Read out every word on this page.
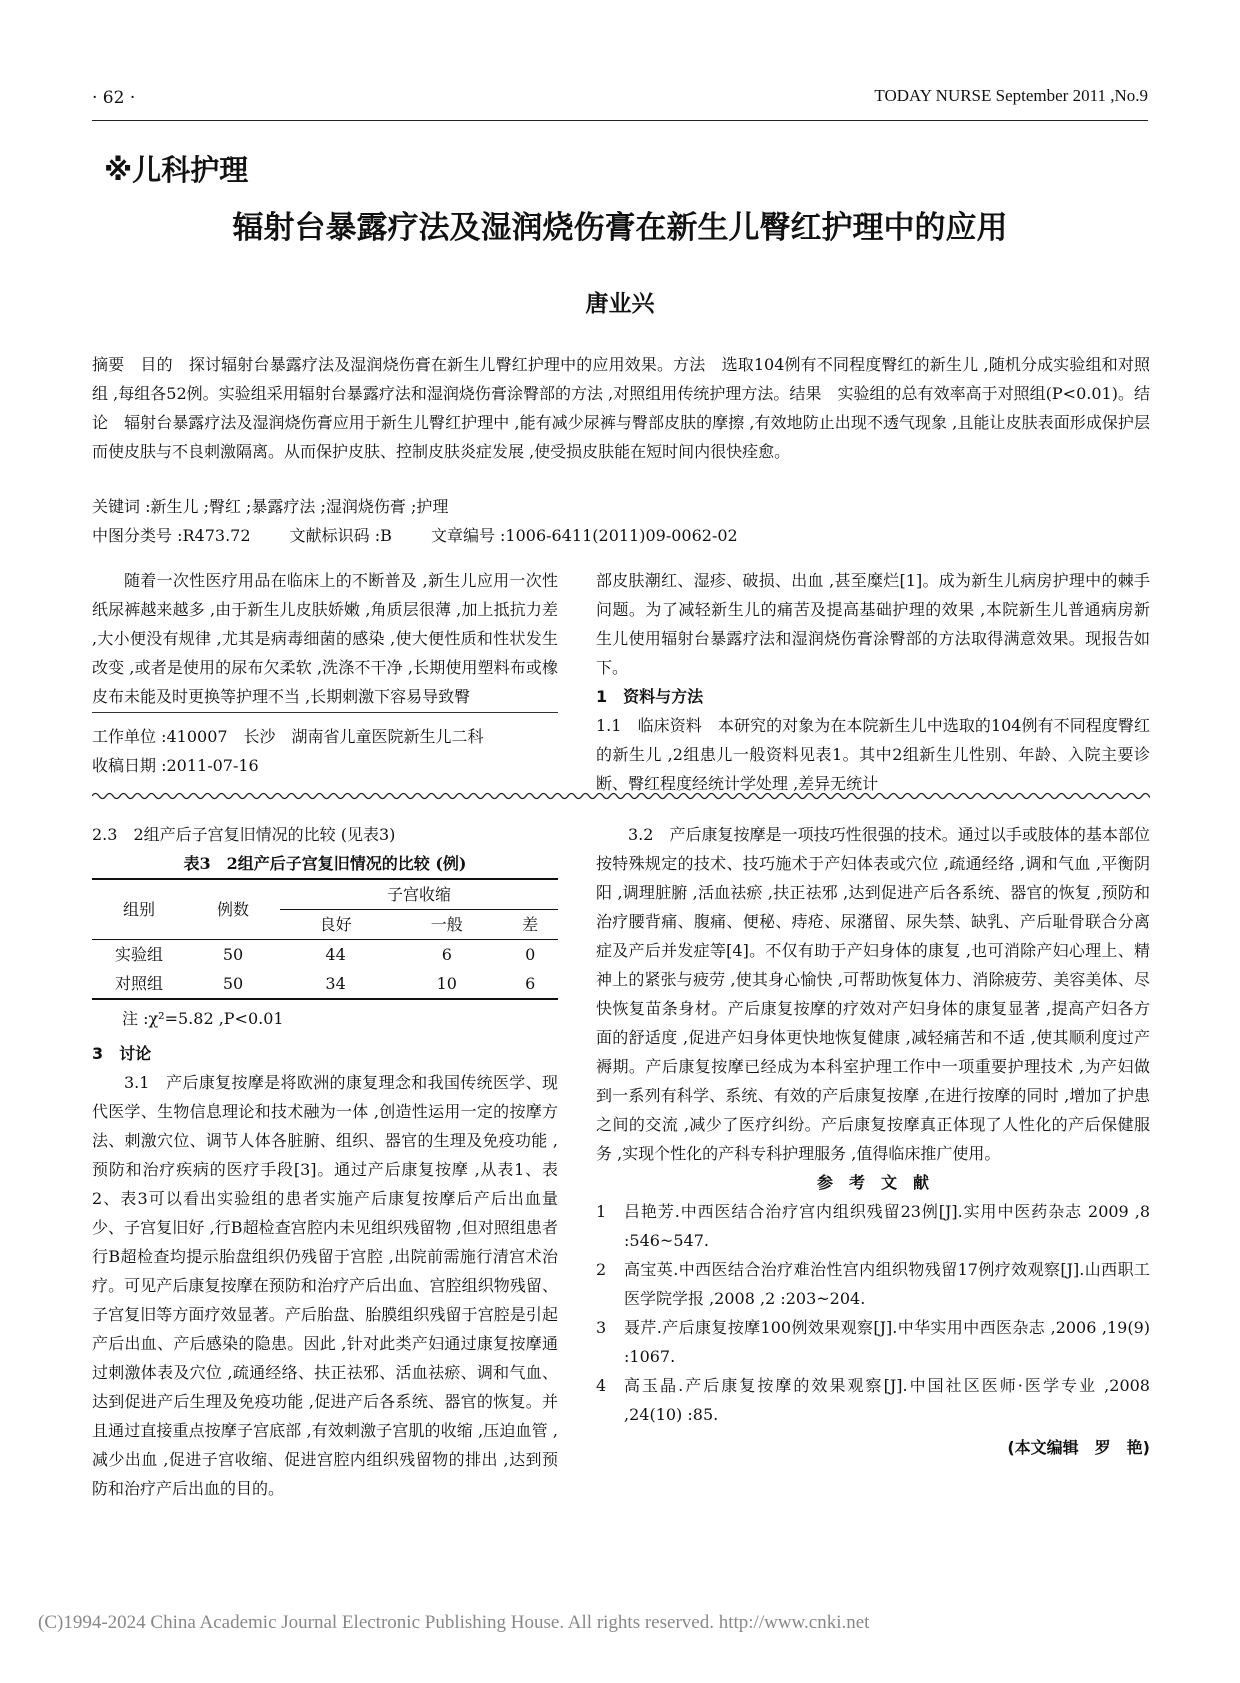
· 62 ·	TODAY NURSE September 2011 ,No.9
※儿科护理
辐射台暴露疗法及湿润烧伤膏在新生儿臀红护理中的应用
唐业兴
摘要　目的　探讨辐射台暴露疗法及湿润烧伤膏在新生儿臀红护理中的应用效果。方法　选取104例有不同程度臀红的新生儿 ,随机分成实验组和对照组 ,每组各52例。实验组采用辐射台暴露疗法和湿润烧伤膏涂臀部的方法 ,对照组用传统护理方法。结果　实验组的总有效率高于对照组(P<0.01)。结论　辐射台暴露疗法及湿润烧伤膏应用于新生儿臀红护理中 ,能有减少尿裤与臀部皮肤的摩擦 ,有效地防止出现不透气现象 ,且能让皮肤表面形成保护层而使皮肤与不良刺激隔离。从而保护皮肤、控制皮肤炎症发展 ,使受损皮肤能在短时间内很快痊愈。
关键词 :新生儿 ;臀红 ;暴露疗法 ;湿润烧伤膏 ;护理
中图分类号 :R473.72 文献标识码 :B 文章编号 :1006-6411(2011)09-0062-02

随着一次性医疗用品在临床上的不断普及 ,新生儿应用一次性纸尿裤越来越多 ,由于新生儿皮肤娇嫩 ,角质层很薄 ,加上抵抗力差 ,大小便没有规律 ,尤其是病毒细菌的感染 ,使大便性质和性状发生改变 ,或者是使用的尿布欠柔软 ,洗涤不干净 ,长期使用塑料布或橡皮布未能及时更换等护理不当 ,长期刺激下容易导致臀

工作单位 :410007　长沙　湖南省儿童医院新生儿二科

收稿日期 :2011-07-16

部皮肤潮红、湿疹、破损、出血 ,甚至糜烂[1]。成为新生儿病房护理中的棘手问题。为了减轻新生儿的痛苦及提高基础护理的效果 ,本院新生儿普通病房新生儿使用辐射台暴露疗法和湿润烧伤膏涂臀部的方法取得满意效果。现报告如下。

1　资料与方法

1.1　临床资料　本研究的对象为在本院新生儿中选取的104例有不同程度臀红的新生儿 ,2组患儿一般资料见表1。其中2组新生儿性别、年龄、入院主要诊断、臀红程度经统计学处理 ,差异无统计

2.3　2组产后子宫复旧情况的比较 (见表3)

表3　2组产后子宫复旧情况的比较 (例)

组别	例数	子宫收缩		
		良好	一般	差
实验组	50	44	6	0
对照组	50	34	10	6

注 :χ²=5.82 ,P<0.01

3　讨论

3.1　产后康复按摩是将欧洲的康复理念和我国传统医学、现代医学、生物信息理论和技术融为一体 ,创造性运用一定的按摩方法、刺激穴位、调节人体各脏腑、组织、器官的生理及免疫功能 ,预防和治疗疾病的医疗手段[3]。通过产后康复按摩 ,从表1、表2、表3可以看出实验组的患者实施产后康复按摩后产后出血量少、子宫复旧好 ,行B超检查宫腔内未见组织残留物 ,但对照组患者行B超检查均提示胎盘组织仍残留于宫腔 ,出院前需施行清宫术治疗。可见产后康复按摩在预防和治疗产后出血、宫腔组织物残留、子宫复旧等方面疗效显著。产后胎盘、胎膜组织残留于宫腔是引起产后出血、产后感染的隐患。因此 ,针对此类产妇通过康复按摩通过刺激体表及穴位 ,疏通经络、扶正祛邪、活血祛瘀、调和气血、达到促进产后生理及免疫功能 ,促进产后各系统、器官的恢复。并且通过直接重点按摩子宫底部 ,有效刺激子宫肌的收缩 ,压迫血管 ,减少出血 ,促进子宫收缩、促进宫腔内组织残留物的排出 ,达到预防和治疗产后出血的目的。

3.2　产后康复按摩是一项技巧性很强的技术。通过以手或肢体的基本部位按特殊规定的技术、技巧施术于产妇体表或穴位 ,疏通经络 ,调和气血 ,平衡阴阳 ,调理脏腑 ,活血祛瘀 ,扶正祛邪 ,达到促进产后各系统、器官的恢复 ,预防和治疗腰背痛、腹痛、便秘、痔疮、尿潴留、尿失禁、缺乳、产后耻骨联合分离症及产后并发症等[4]。不仅有助于产妇身体的康复 ,也可消除产妇心理上、精神上的紧张与疲劳 ,使其身心愉快 ,可帮助恢复体力、消除疲劳、美容美体、尽快恢复苗条身材。产后康复按摩的疗效对产妇身体的康复显著 ,提高产妇各方面的舒适度 ,促进产妇身体更快地恢复健康 ,减轻痛苦和不适 ,使其顺利度过产褥期。产后康复按摩已经成为本科室护理工作中一项重要护理技术 ,为产妇做到一系列有科学、系统、有效的产后康复按摩 ,在进行按摩的同时 ,增加了护患之间的交流 ,减少了医疗纠纷。产后康复按摩真正体现了人性化的产后保健服务 ,实现个性化的产科专科护理服务 ,值得临床推广使用。

参　考　文　献

1	吕艳芳.中西医结合治疗宫内组织残留23例[J].实用中医药杂志 2009 ,8 :546~547.
2	高宝英.中西医结合治疗难治性宫内组织物残留17例疗效观察[J].山西职工医学院学报 ,2008 ,2 :203~204.
3	聂芹.产后康复按摩100例效果观察[J].中华实用中西医杂志 ,2006 ,19(9) :1067.
4	高玉晶.产后康复按摩的效果观察[J].中国社区医师·医学专业 ,2008 ,24(10) :85.

(本文编辑　罗　艳)

(C)1994-2024 China Academic Journal Electronic Publishing House. All rights reserved. http://www.cnki.net
